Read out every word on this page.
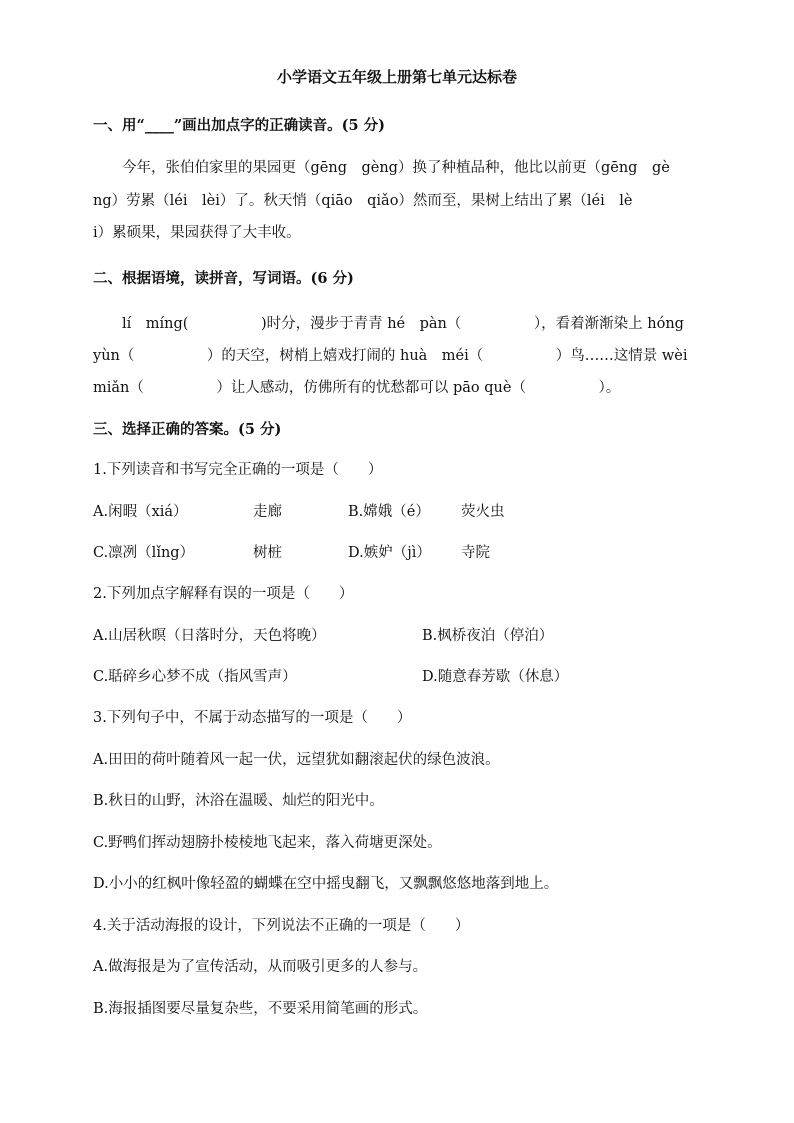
小学语文五年级上册第七单元达标卷
一、用“____”画出加点字的正确读音。(5 分)
今年，张伯伯家里的果园更（gēng　gèng）换了种植品种，他比以前更（gēng　gè
ng）劳累（léi　lèi）了。秋天悄（qiāo　qiǎo）然而至，果树上结出了累（léi　lè
i）累硕果，果园获得了大丰收。
二、根据语境，读拼音，写词语。(6 分)
lí　míng(　　　　　)时分，漫步于青青 hé　pàn（　　　　　），看着渐渐染上 hóng
yùn（　　　　　）的天空，树梢上嬉戏打闹的 huà　méi（　　　　　）鸟……这情景 wèi
miǎn（　　　　　）让人感动，仿佛所有的忧愁都可以 pāo què（　　　　　）。
三、选择正确的答案。(5 分)
1.下列读音和书写完全正确的一项是（　　）
A.闲暇（xiá）	走廊	B.嫦娥（é） 荧火虫
C.凛冽（lǐng）	树桩	D.嫉妒（jì） 寺院
2.下列加点字解释有误的一项是（　　）
A.山居秋暝（日落时分，天色将晚）	B.枫桥夜泊（停泊）
C.聒碎乡心梦不成（指风雪声）	D.随意春芳歇（休息）
3.下列句子中，不属于动态描写的一项是（　　）
A.田田的荷叶随着风一起一伏，远望犹如翻滚起伏的绿色波浪。
B.秋日的山野，沐浴在温暖、灿烂的阳光中。
C.野鸭们挥动翅膀扑棱棱地飞起来，落入荷塘更深处。
D.小小的红枫叶像轻盈的蝴蝶在空中摇曳翻飞，又飘飘悠悠地落到地上。
4.关于活动海报的设计，下列说法不正确的一项是（　　）
A.做海报是为了宣传活动，从而吸引更多的人参与。
B.海报插图要尽量复杂些，不要采用简笔画的形式。
